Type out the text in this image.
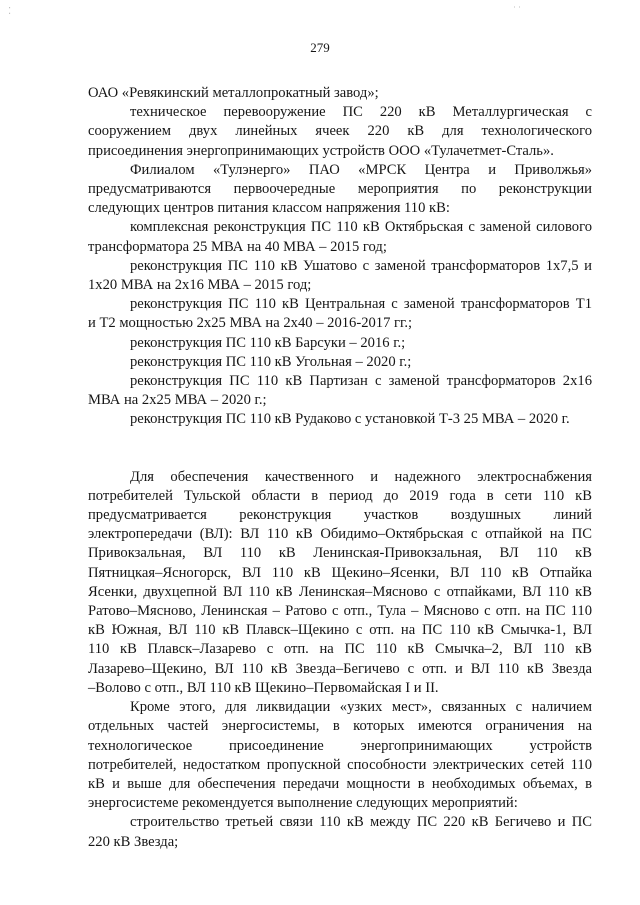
⁚	˙˙
279

ОАО «Ревякинский металлопрокатный завод»;

техническое перевооружение ПС 220 кВ Металлургическая с

сооружением двух линейных ячеек 220 кВ для технологического

присоединения энергопринимающих устройств ООО «Тулачетмет-Сталь».

Филиалом «Тулэнерго» ПАО «МРСК Центра и Приволжья»

предусматриваются первоочередные мероприятия по реконструкции

следующих центров питания классом напряжения 110 кВ:

комплексная реконструкция ПС 110 кВ Октябрьская с заменой силового

трансформатора 25 МВА на 40 МВА – 2015 год;

реконструкция ПС 110 кВ Ушатово с заменой трансформаторов 1х7,5 и

1х20 МВА на 2х16 МВА – 2015 год;

реконструкция ПС 110 кВ Центральная с заменой трансформаторов Т1

и Т2 мощностью 2х25 МВА на 2х40 – 2016-2017 гг.;

реконструкция ПС 110 кВ Барсуки – 2016 г.;

реконструкция ПС 110 кВ Угольная – 2020 г.;

реконструкция ПС 110 кВ Партизан с заменой трансформаторов 2х16

МВА на 2х25 МВА – 2020 г.;

реконструкция ПС 110 кВ Рудаково с установкой Т-3 25 МВА – 2020 г.

Для обеспечения качественного и надежного электроснабжения

потребителей Тульской области в период до 2019 года в сети 110 кВ

предусматривается реконструкция участков воздушных линий

электропередачи (ВЛ): ВЛ 110 кВ Обидимо–Октябрьская с отпайкой на ПС

Привокзальная, ВЛ 110 кВ Ленинская-Привокзальная, ВЛ 110 кВ

Пятницкая–Ясногорск, ВЛ 110 кВ Щекино–Ясенки, ВЛ 110 кВ Отпайка

Ясенки, двухцепной ВЛ 110 кВ Ленинская–Мясново с отпайками, ВЛ 110 кВ

Ратово–Мясново, Ленинская – Ратово с отп., Тула – Мясново с отп. на ПС 110

кВ Южная, ВЛ 110 кВ Плавск–Щекино с отп. на ПС 110 кВ Смычка-1, ВЛ

110 кВ Плавск–Лазарево с отп. на ПС 110 кВ Смычка–2, ВЛ 110 кВ

Лазарево–Щекино, ВЛ 110 кВ Звезда–Бегичево с отп. и ВЛ 110 кВ Звезда

–Волово с отп., ВЛ 110 кВ Щекино–Первомайская I и II.

Кроме этого, для ликвидации «узких мест», связанных с наличием

отдельных частей энергосистемы, в которых имеются ограничения на

технологическое присоединение энергопринимающих устройств

потребителей, недостатком пропускной способности электрических сетей 110

кВ и выше для обеспечения передачи мощности в необходимых объемах, в

энергосистеме рекомендуется выполнение следующих мероприятий:

строительство третьей связи 110 кВ между ПС 220 кВ Бегичево и ПС

220 кВ Звезда;
